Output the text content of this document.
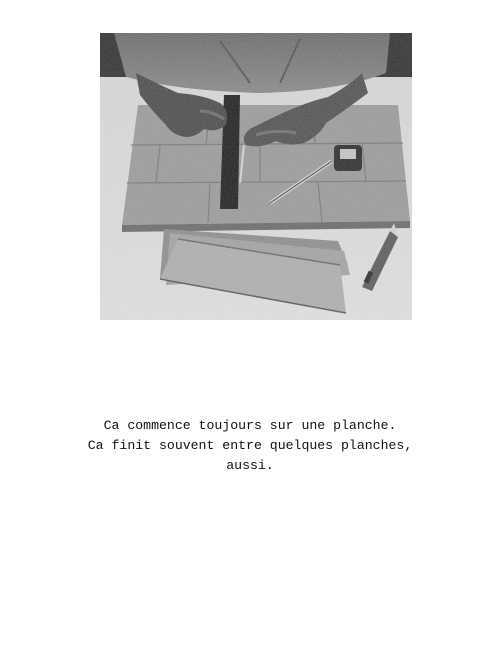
Ca commence toujours sur une planche.
Ca finit souvent entre quelques planches,
aussi.
